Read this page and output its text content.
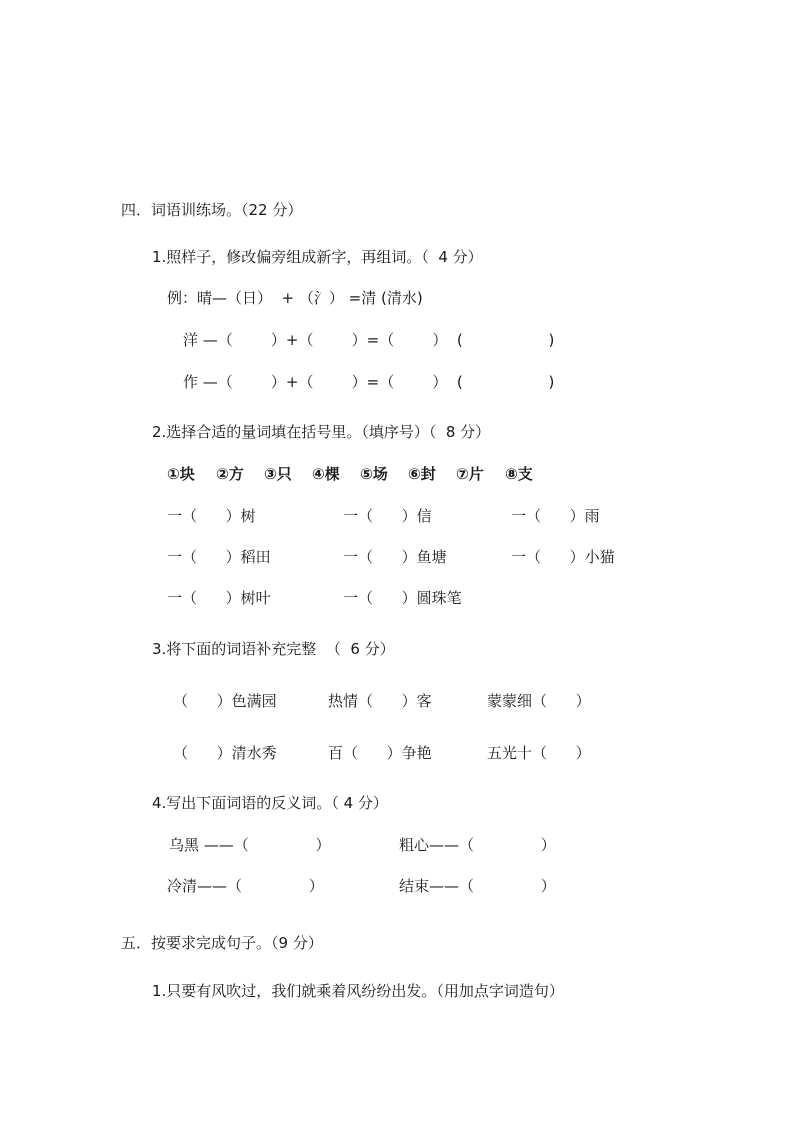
四．词语训练场。（22 分）
1.照样子，修改偏旁组成新字，再组词。（  4 分）
例：晴—（日）  + （氵） =清 (清水)
洋 —（        ）+（        ）=（        ）  (                  )
作 —（        ）+（        ）=（        ）  (                  )
2.选择合适的量词填在括号里。（填序号）（  8 分）
①块 ②方 ③只 ④棵 ⑤场 ⑥封 ⑦片 ⑧支
一（      ）树	一（      ）信	一（      ）雨
一（      ）稻田	一（      ）鱼塘	一（      ）小猫
一（      ）树叶	一（      ）圆珠笔
3.将下面的词语补充完整  （  6 分）
（      ）色满园	热情（      ）客	蒙蒙细（      ）
（      ）清水秀	百（      ）争艳	五光十（      ）
4.写出下面词语的反义词。（ 4 分）
乌黑 ——（              ）	粗心——（              ）
冷清——（              ）	结束——（              ）
五．按要求完成句子。（9 分）
1.只要有风吹过，我们就乘着风纷纷出发。（用加点字词造句）
